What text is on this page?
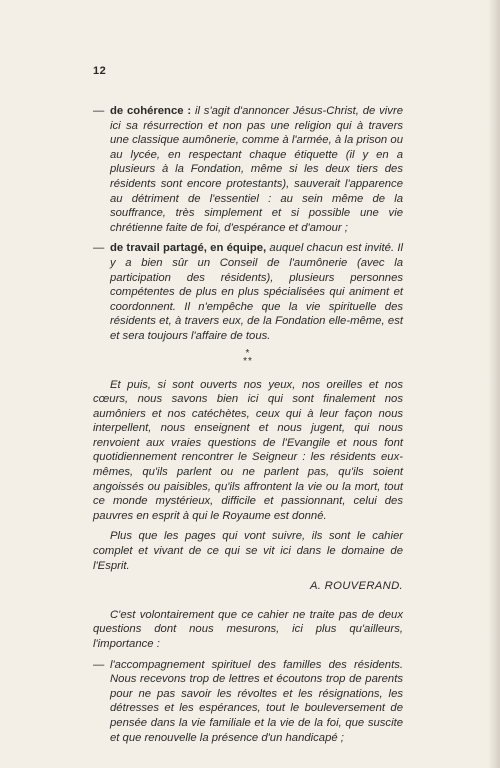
12
— de cohérence : il s'agit d'annoncer Jésus-Christ, de vivre ici sa résurrection et non pas une religion qui à travers une classique aumônerie, comme à l'armée, à la prison ou au lycée, en respectant chaque étiquette (il y en a plusieurs à la Fondation, même si les deux tiers des résidents sont encore protestants), sauverait l'apparence au détriment de l'essentiel : au sein même de la souffrance, très simplement et si possible une vie chrétienne faite de foi, d'espérance et d'amour ;
— de travail partagé, en équipe, auquel chacun est invité. Il y a bien sûr un Conseil de l'aumônerie (avec la participation des résidents), plusieurs personnes compétentes de plus en plus spécialisées qui animent et coordonnent. Il n'empêche que la vie spirituelle des résidents et, à travers eux, de la Fondation elle-même, est et sera toujours l'affaire de tous.
*
**

Et puis, si sont ouverts nos yeux, nos oreilles et nos cœurs, nous savons bien ici qui sont finalement nos aumôniers et nos catéchètes, ceux qui à leur façon nous interpellent, nous enseignent et nous jugent, qui nous renvoient aux vraies questions de l'Evangile et nous font quotidiennement rencontrer le Seigneur : les résidents eux-mêmes, qu'ils parlent ou ne parlent pas, qu'ils soient angoissés ou paisibles, qu'ils affrontent la vie ou la mort, tout ce monde mystérieux, difficile et passionnant, celui des pauvres en esprit à qui le Royaume est donné.

Plus que les pages qui vont suivre, ils sont le cahier complet et vivant de ce qui se vit ici dans le domaine de l'Esprit.

A. ROUVERAND.

C'est volontairement que ce cahier ne traite pas de deux questions dont nous mesurons, ici plus qu'ailleurs, l'importance :

— l'accompagnement spirituel des familles des résidents. Nous recevons trop de lettres et écoutons trop de parents pour ne pas savoir les révoltes et les résignations, les détresses et les espérances, tout le bouleversement de pensée dans la vie familiale et la vie de la foi, que suscite et que renouvelle la présence d'un handicapé ;
